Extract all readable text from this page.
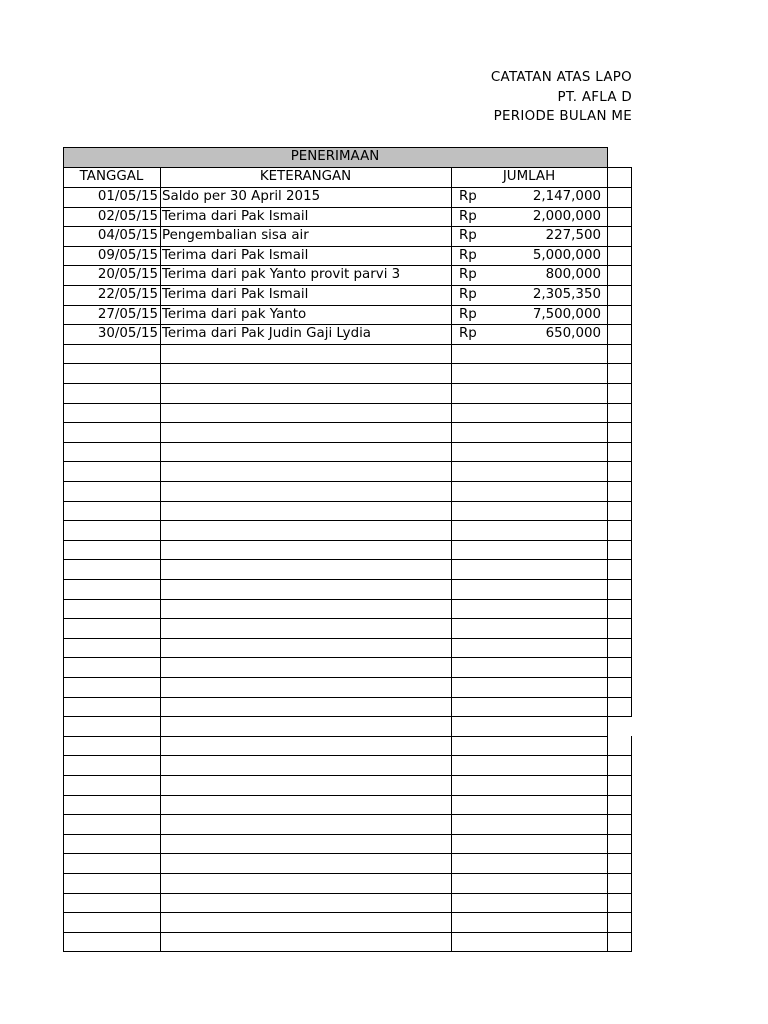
CATATAN ATAS LAPO
PT. AFLA D
PERIODE BULAN ME
PENERIMAAN
TANGGAL	KETERANGAN	JUMLAH
01/05/15 Saldo per 30 April 2015	Rp	2,147,000
02/05/15 Terima dari Pak Ismail	Rp	2,000,000
04/05/15 Pengembalian sisa air	Rp	227,500
09/05/15 Terima dari Pak Ismail	Rp	5,000,000
20/05/15 Terima dari pak Yanto provit parvi 3	Rp	800,000
22/05/15 Terima dari Pak Ismail	Rp	2,305,350
27/05/15 Terima dari pak Yanto	Rp	7,500,000
30/05/15 Terima dari Pak Judin Gaji Lydia	Rp	650,000
